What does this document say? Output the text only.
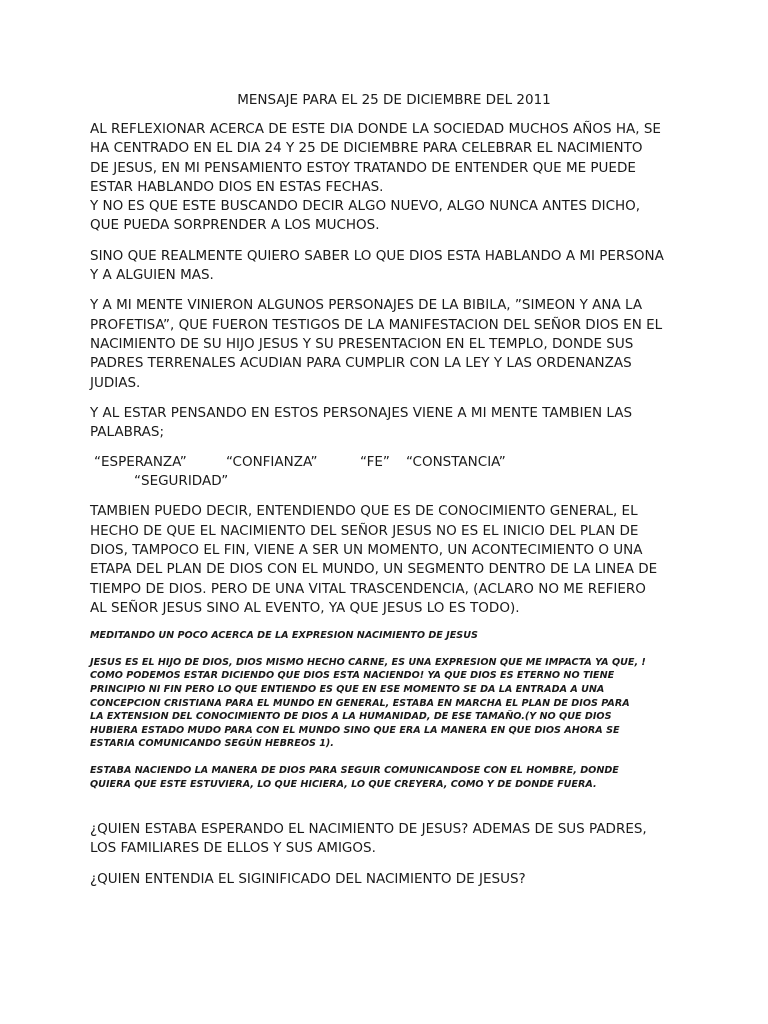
MENSAJE PARA EL 25 DE DICIEMBRE DEL 2011
AL REFLEXIONAR ACERCA DE ESTE DIA DONDE LA SOCIEDAD MUCHOS AÑOS HA, SE
HA CENTRADO EN EL DIA 24 Y 25 DE DICIEMBRE PARA CELEBRAR EL NACIMIENTO
DE JESUS, EN MI PENSAMIENTO ESTOY TRATANDO DE ENTENDER QUE ME PUEDE
ESTAR HABLANDO DIOS EN ESTAS FECHAS.
Y NO ES QUE ESTE BUSCANDO DECIR ALGO NUEVO, ALGO NUNCA ANTES DICHO,
QUE PUEDA SORPRENDER A LOS MUCHOS.
SINO QUE REALMENTE QUIERO SABER LO QUE DIOS ESTA HABLANDO A MI PERSONA
Y A ALGUIEN MAS.
Y A MI MENTE VINIERON ALGUNOS PERSONAJES DE LA BIBILA, ”SIMEON Y ANA LA
PROFETISA”, QUE FUERON TESTIGOS DE LA MANIFESTACION DEL SEÑOR DIOS EN EL
NACIMIENTO DE SU HIJO JESUS Y SU PRESENTACION EN EL TEMPLO, DONDE SUS
PADRES TERRENALES ACUDIAN PARA CUMPLIR CON LA LEY Y LAS ORDENANZAS
JUDIAS.
Y AL ESTAR PENSANDO EN ESTOS PERSONAJES VIENE A MI MENTE TAMBIEN LAS
PALABRAS;
“ESPERANZA”	“CONFIANZA”	“FE” “CONSTANCIA”
“SEGURIDAD”
TAMBIEN PUEDO DECIR, ENTENDIENDO QUE ES DE CONOCIMIENTO GENERAL, EL
HECHO DE QUE EL NACIMIENTO DEL SEÑOR JESUS NO ES EL INICIO DEL PLAN DE
DIOS, TAMPOCO EL FIN, VIENE A SER UN MOMENTO, UN ACONTECIMIENTO O UNA
ETAPA DEL PLAN DE DIOS CON EL MUNDO, UN SEGMENTO DENTRO DE LA LINEA DE
TIEMPO DE DIOS. PERO DE UNA VITAL TRASCENDENCIA, (ACLARO NO ME REFIERO
AL SEÑOR JESUS SINO AL EVENTO, YA QUE JESUS LO ES TODO).
MEDITANDO UN POCO ACERCA DE LA EXPRESION NACIMIENTO DE JESUS
JESUS ES EL HIJO DE DIOS, DIOS MISMO HECHO CARNE, ES UNA EXPRESION QUE ME IMPACTA YA QUE, !
COMO PODEMOS ESTAR DICIENDO QUE DIOS ESTA NACIENDO! YA QUE DIOS ES ETERNO NO TIENE
PRINCIPIO NI FIN PERO LO QUE ENTIENDO ES QUE EN ESE MOMENTO SE DA LA ENTRADA A UNA
CONCEPCION CRISTIANA PARA EL MUNDO EN GENERAL, ESTABA EN MARCHA EL PLAN DE DIOS PARA
LA EXTENSION DEL CONOCIMIENTO DE DIOS A LA HUMANIDAD, DE ESE TAMAÑO.(Y NO QUE DIOS
HUBIERA ESTADO MUDO PARA CON EL MUNDO SINO QUE ERA LA MANERA EN QUE DIOS AHORA SE
ESTARIA COMUNICANDO SEGÚN HEBREOS 1).
ESTABA NACIENDO LA MANERA DE DIOS PARA SEGUIR COMUNICANDOSE CON EL HOMBRE, DONDE
QUIERA QUE ESTE ESTUVIERA, LO QUE HICIERA, LO QUE CREYERA, COMO Y DE DONDE FUERA.
¿QUIEN ESTABA ESPERANDO EL NACIMIENTO DE JESUS? ADEMAS DE SUS PADRES,
LOS FAMILIARES DE ELLOS Y SUS AMIGOS.
¿QUIEN ENTENDIA EL SIGINIFICADO DEL NACIMIENTO DE JESUS?
